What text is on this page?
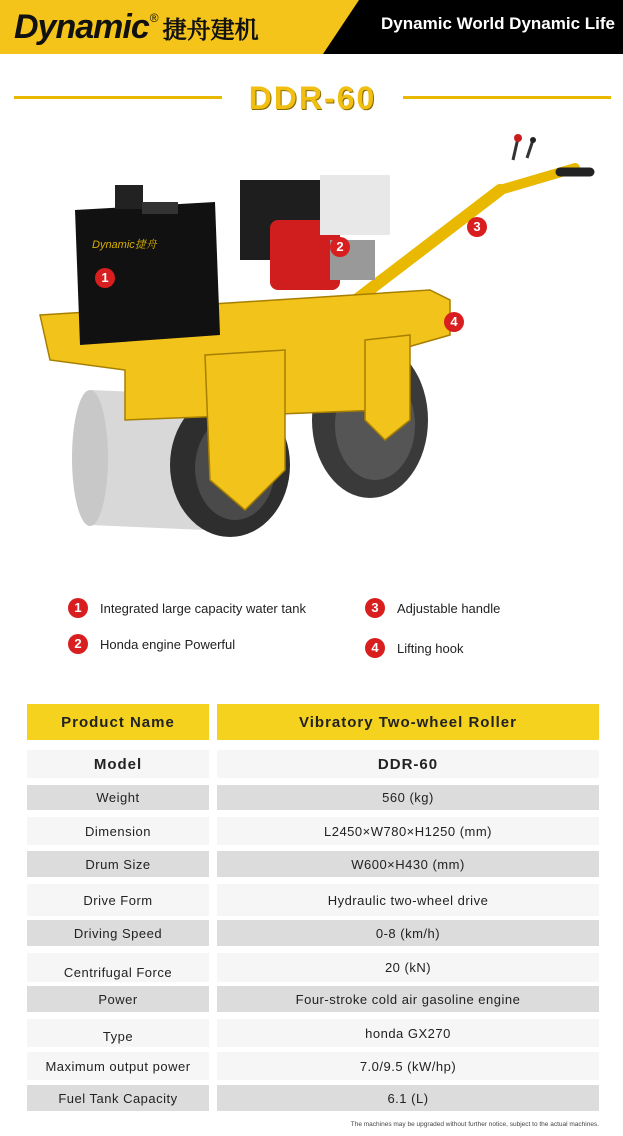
Dynamic ® 捷舟建机	Dynamic World Dynamic Life
DDR-60
Dynamic捷舟
1
2
3
4
1	Integrated large capacity water tank
2	Honda engine Powerful
3	Adjustable handle
4	Lifting hook
Product Name	Vibratory Two-wheel Roller
Model	DDR-60
Weight	560 (kg)
Dimension	L2450×W780×H1250 (mm)
Drum Size	W600×H430 (mm)
Drive Form	Hydraulic two-wheel drive
Driving Speed	0-8 (km/h)
Centrifugal Force	20 (kN)
Power	Four-stroke cold air gasoline engine
Type	honda GX270
Maximum output power	7.0/9.5 (kW/hp)
Fuel Tank Capacity	6.1 (L)
The machines may be upgraded without further notice, subject to the actual machines.
